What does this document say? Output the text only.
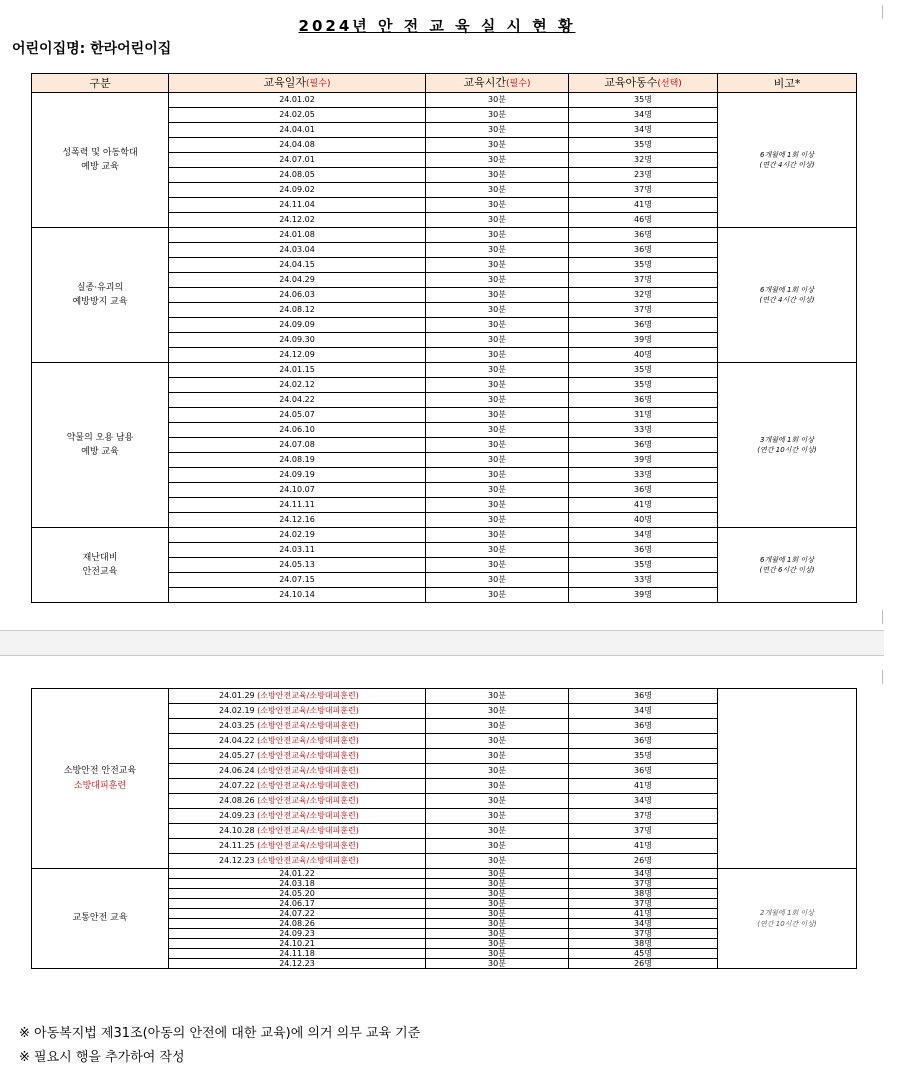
2024년 안 전 교 육 실 시 현 황
어린이집명: 한라어린이집
구분	교육일자(필수)	교육시간(필수)	교육아동수(선택)	비고*
성폭력 및 아동학대
예방 교육	24.01.02	30분	35명	6개월에 1회 이상
(연간 4시간 이상)
	24.02.05	30분	34명	
	24.04.01	30분	34명	
	24.04.08	30분	35명	
	24.07.01	30분	32명	
	24.08.05	30분	23명	
	24.09.02	30분	37명	
	24.11.04	30분	41명	
	24.12.02	30분	46명	
실종·유괴의
예방방지 교육	24.01.08	30분	36명	6개월에 1회 이상
(연간 4시간 이상)
	24.03.04	30분	36명	
	24.04.15	30분	35명	
	24.04.29	30분	37명	
	24.06.03	30분	32명	
	24.08.12	30분	37명	
	24.09.09	30분	36명	
	24.09.30	30분	39명	
	24.12.09	30분	40명	
약물의 오용 남용
예방 교육	24.01.15	30분	35명	3개월에 1회 이상
(연간 10시간 이상)
	24.02.12	30분	35명	
	24.04.22	30분	36명	
	24.05.07	30분	31명	
	24.06.10	30분	33명	
	24.07.08	30분	36명	
	24.08.19	30분	39명	
	24.09.19	30분	33명	
	24.10.07	30분	36명	
	24.11.11	30분	41명	
	24.12.16	30분	40명	
재난대비
안전교육	24.02.19	30분	34명	6개월에 1회 이상
(연간 6시간 이상)
	24.03.11	30분	36명	
	24.05.13	30분	35명	
	24.07.15	30분	33명	
	24.10.14	30분	39명	
소방안전 안전교육
소방대피훈련	24.01.29 (소방안전교육/소방대피훈련)	30분	36명	
	24.02.19 (소방안전교육/소방대피훈련)	30분	34명	
	24.03.25 (소방안전교육/소방대피훈련)	30분	36명	
	24.04.22 (소방안전교육/소방대피훈련)	30분	36명	
	24.05.27 (소방안전교육/소방대피훈련)	30분	35명	
	24.06.24 (소방안전교육/소방대피훈련)	30분	36명	
	24.07.22 (소방안전교육/소방대피훈련)	30분	41명	
	24.08.26 (소방안전교육/소방대피훈련)	30분	34명	
	24.09.23 (소방안전교육/소방대피훈련)	30분	37명	
	24.10.28 (소방안전교육/소방대피훈련)	30분	37명	
	24.11.25 (소방안전교육/소방대피훈련)	30분	41명	
	24.12.23 (소방안전교육/소방대피훈련)	30분	26명	
교통안전 교육	24.01.22	30분	34명	2개월에 1회 이상
(연간 10시간 이상)
	24.03.18	30분	37명	
	24.05.20	30분	38명	
	24.06.17	30분	37명	
	24.07.22	30분	41명	
	24.08.26	30분	34명	
	24.09.23	30분	37명	
	24.10.21	30분	38명	
	24.11.18	30분	45명	
	24.12.23	30분	26명	
※ 아동복지법 제31조(아동의 안전에 대한 교육)에 의거 의무 교육 기준
※ 필요시 행을 추가하여 작성
